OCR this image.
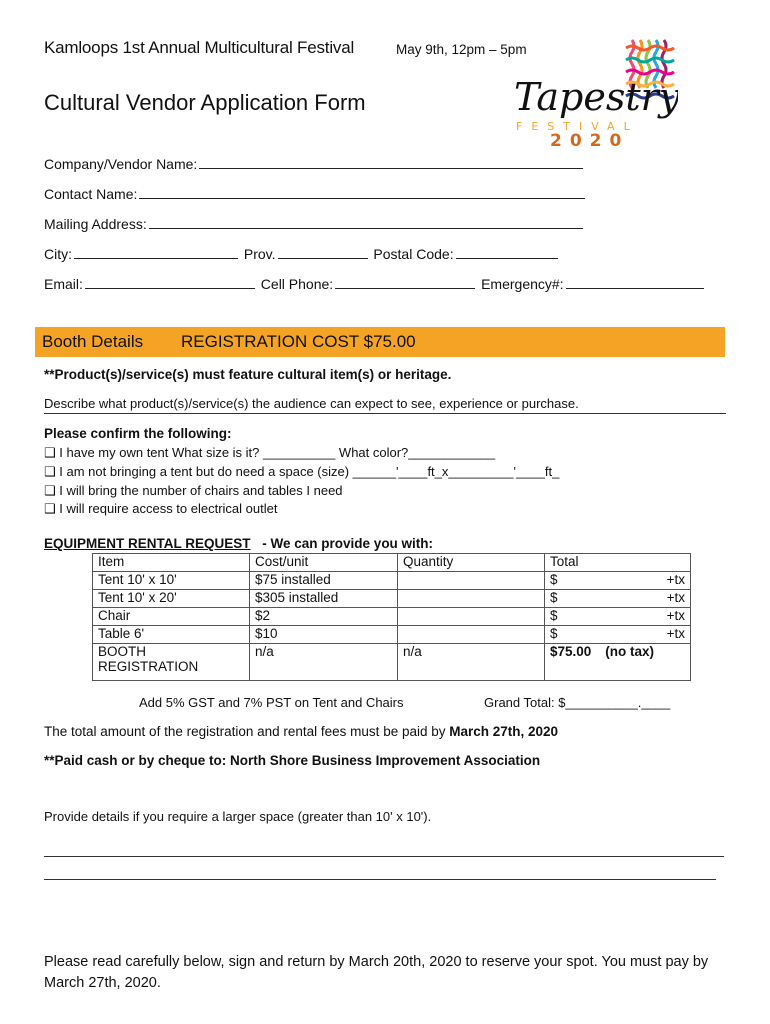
Kamloops 1st Annual Multicultural Festival	May 9th, 12pm – 5pm
Cultural Vendor Application Form	Tapestry
FESTIVAL
2020
Company/Vendor Name:
Contact Name:
Mailing Address:
City:	Prov.	Postal Code:
Email:	Cell Phone:	Emergency#:
Booth Details REGISTRATION COST $75.00
**Product(s)/service(s) must feature cultural item(s) or heritage.
Describe what product(s)/service(s) the audience can expect to see, experience or purchase.
Please confirm the following:
❑ I have my own tent What size is it? __________ What color?____________
❑ I am not bringing a tent but do need a space (size) ______'____ft_x_________'____ft_
❑ I will bring the number of chairs and tables I need
❑ I will require access to electrical outlet
EQUIPMENT RENTAL REQUEST - We can provide you with:
Item	Cost/unit	Quantity	Total
Tent 10' x 10'	$75 installed		$ +tx

Tent 10' x 20'	$305 installed		$ +tx

Chair	$2		$ +tx

Table 6'	$10		$ +tx

BOOTH REGISTRATION	n/a	n/a	$75.00 (no tax)
Add 5% GST and 7% PST on Tent and Chairs	Grand Total: $__________.____
The total amount of the registration and rental fees must be paid by March 27th, 2020
**Paid cash or by cheque to: North Shore Business Improvement Association
Provide details if you require a larger space (greater than 10' x 10').
Please read carefully below, sign and return by March 20th, 2020 to reserve your spot. You must pay by March 27th, 2020.
